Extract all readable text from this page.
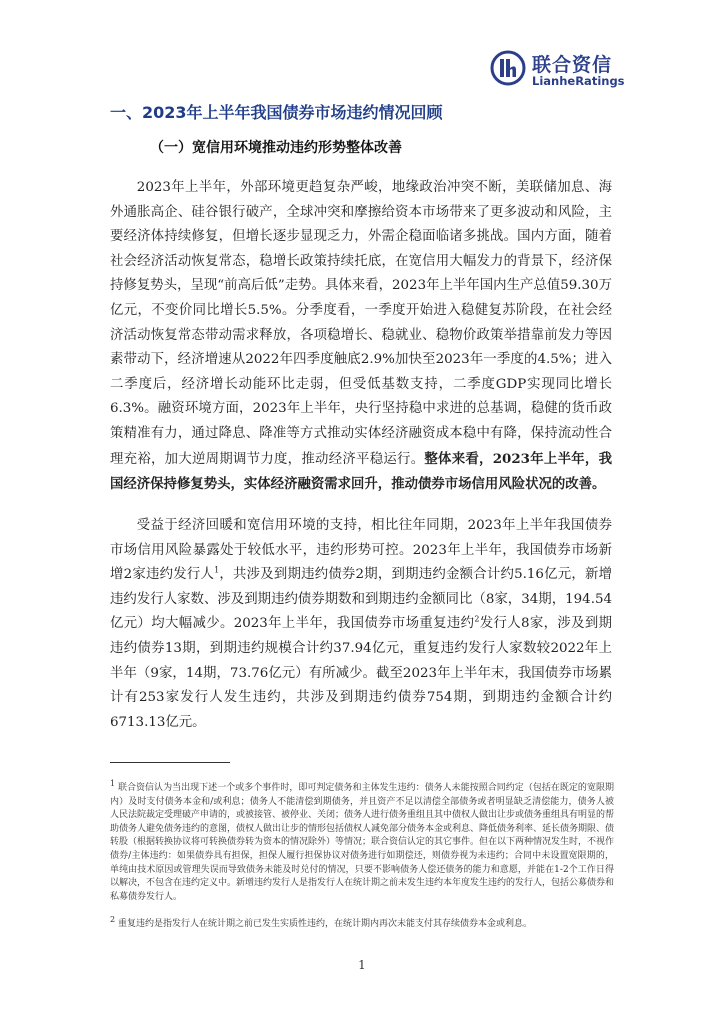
联合资信
LianheRatings
一、2023年上半年我国债券市场违约情况回顾
（一）宽信用环境推动违约形势整体改善

2023年上半年，外部环境更趋复杂严峻，地缘政治冲突不断，美联储加息、海外通胀高企、硅谷银行破产，全球冲突和摩擦给资本市场带来了更多波动和风险，主要经济体持续修复，但增长逐步显现乏力，外需企稳面临诸多挑战。国内方面，随着社会经济活动恢复常态，稳增长政策持续托底，在宽信用大幅发力的背景下，经济保持修复势头，呈现“前高后低”走势。具体来看，2023年上半年国内生产总值59.30万亿元，不变价同比增长5.5%。分季度看，一季度开始进入稳健复苏阶段，在社会经济活动恢复常态带动需求释放，各项稳增长、稳就业、稳物价政策举措靠前发力等因素带动下，经济增速从2022年四季度触底2.9%加快至2023年一季度的4.5%；进入二季度后，经济增长动能环比走弱，但受低基数支持，二季度GDP实现同比增长6.3%。融资环境方面，2023年上半年，央行坚持稳中求进的总基调，稳健的货币政策精准有力，通过降息、降准等方式推动实体经济融资成本稳中有降，保持流动性合理充裕，加大逆周期调节力度，推动经济平稳运行。整体来看，2023年上半年，我国经济保持修复势头，实体经济融资需求回升，推动债券市场信用风险状况的改善。

受益于经济回暖和宽信用环境的支持，相比往年同期，2023年上半年我国债券市场信用风险暴露处于较低水平，违约形势可控。2023年上半年，我国债券市场新增2家违约发行人$^1$，共涉及到期违约债券2期，到期违约金额合计约5.16亿元，新增违约发行人家数、涉及到期违约债券期数和到期违约金额同比（8家，34期，194.54亿元）均大幅减少。2023年上半年，我国债券市场重复违约$^2$发行人8家，涉及到期违约债券13期，到期违约规模合计约37.94亿元，重复违约发行人家数较2022年上半年（9家，14期，73.76亿元）有所减少。截至2023年上半年末，我国债券市场累计有253家发行人发生违约，共涉及到期违约债券754期，到期违约金额合计约6713.13亿元。

$^1$ 联合资信认为当出现下述一个或多个事件时，即可判定债务和主体发生违约：债务人未能按照合同约定（包括在既定的宽限期内）及时支付债务本金和/或利息；债务人不能清偿到期债务，并且资产不足以清偿全部债务或者明显缺乏清偿能力，债务人被人民法院裁定受理破产申请的，或被接管、被停业、关闭；债务人进行债务重组且其中债权人做出让步或债务重组具有明显的帮助债务人避免债务违约的意图，债权人做出让步的情形包括债权人减免部分债务本金或利息、降低债务利率、延长债务期限、债转股（根据转换协议将可转换债券转为资本的情况除外）等情况；联合资信认定的其它事件。但在以下两种情况发生时，不视作债券/主体违约：如果债券具有担保，担保人履行担保协议对债务进行如期偿还，则债券视为未违约；合同中未设置宽限期的，单纯由技术原因或管理失误而导致债务未能及时兑付的情况，只要不影响债务人偿还债务的能力和意愿，并能在1-2个工作日得以解决，不包含在违约定义中。新增违约发行人是指发行人在统计期之前未发生违约本年度发生违约的发行人，包括公募债券和私募债券发行人。

$^2$ 重复违约是指发行人在统计期之前已发生实质性违约，在统计期内再次未能支付其存续债券本金或利息。

1
